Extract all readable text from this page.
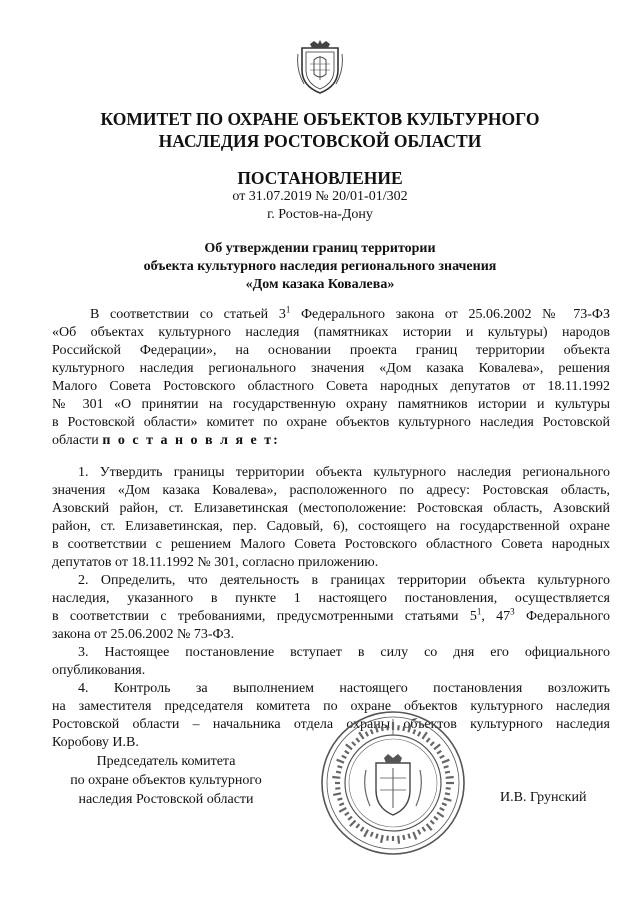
КОМИТЕТ ПО ОХРАНЕ ОБЪЕКТОВ КУЛЬТУРНОГО
НАСЛЕДИЯ РОСТОВСКОЙ ОБЛАСТИ
ПОСТАНОВЛЕНИЕ
от 31.07.2019 № 20/01-01/302
г. Ростов-на-Дону
Об утверждении границ территории
объекта культурного наследия регионального значения
«Дом казака Ковалева»
В соответствии со статьей $3^1$ Федерального закона от 25.06.2002 № 73-ФЗ
«Об объектах культурного наследия (памятниках истории и культуры) народов
Российской Федерации», на основании проекта границ территории объекта
культурного наследия регионального значения «Дом казака Ковалева», решения
Малого Совета Ростовского областного Совета народных депутатов от 18.11.1992
№ 301 «О принятии на государственную охрану памятников истории и культуры
в Ростовской области» комитет по охране объектов культурного наследия Ростовской
области п о с т а н о в л я е т:
1. Утвердить границы территории объекта культурного наследия регионального
значения «Дом казака Ковалева», расположенного по адресу: Ростовская область,
Азовский район, ст. Елизаветинская (местоположение: Ростовская область, Азовский
район, ст. Елизаветинская, пер. Садовый, 6), состоящего на государственной охране
в соответствии с решением Малого Совета Ростовского областного Совета народных
депутатов от 18.11.1992 № 301, согласно приложению.
2. Определить, что деятельность в границах территории объекта культурного
наследия, указанного в пункте 1 настоящего постановления, осуществляется
в соответствии с требованиями, предусмотренными статьями $5^1$, $47^3$ Федерального
закона от 25.06.2002 № 73-ФЗ.
3. Настоящее постановление вступает в силу со дня его официального
опубликования.
4. Контроль за выполнением настоящего постановления возложить
на заместителя председателя комитета по охране объектов культурного наследия
Ростовской области – начальника отдела охраны объектов культурного наследия
Коробову И.В.
Председатель комитета
по охране объектов культурного
наследия Ростовской области	И.В. Грунский
